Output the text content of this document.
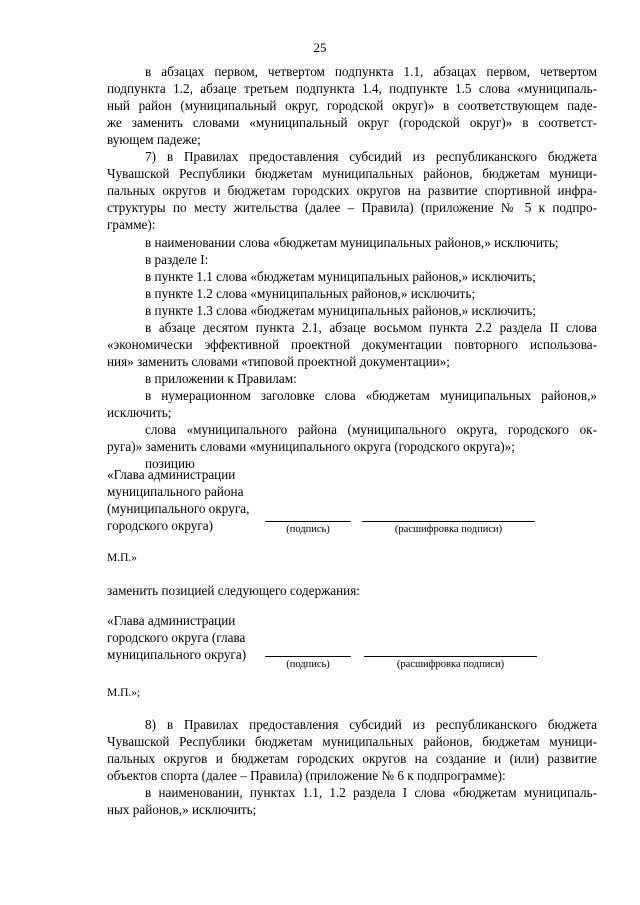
25
в абзацах первом, четвертом подпункта 1.1, абзацах первом, четвертом
подпункта 1.2, абзаце третьем подпункта 1.4, подпункте 1.5 слова «муниципаль-
ный район (муниципальный округ, городской округ)» в соответствующем паде-
же заменить словами «муниципальный округ (городской округ)» в соответст-
вующем падеже;
7) в Правилах предоставления субсидий из республиканского бюджета
Чувашской Республики бюджетам муниципальных районов, бюджетам муници-
пальных округов и бюджетам городских округов на развитие спортивной инфра-
структуры по месту жительства (далее – Правила) (приложение № 5 к подпро-
грамме):
в наименовании слова «бюджетам муниципальных районов,» исключить;
в разделе I:
в пункте 1.1 слова «бюджетам муниципальных районов,» исключить;
в пункте 1.2 слова «муниципальных районов,» исключить;
в пункте 1.3 слова «бюджетам муниципальных районов,» исключить;
в абзаце десятом пункта 2.1, абзаце восьмом пункта 2.2 раздела II слова
«экономически эффективной проектной документации повторного использова-
ния» заменить словами «типовой проектной документации»;
в приложении к Правилам:
в нумерационном заголовке слова «бюджетам муниципальных районов,»
исключить;
слова «муниципального района (муниципального округа, городского ок-
руга)» заменить словами «муниципального округа (городского округа)»;
позицию
«Глава администрации
муниципального района
(муниципального округа,
городского округа)	(подпись)	(расшифровка подписи)
М.П.»
заменить позицией следующего содержания:
«Глава администрации
городского округа (глава
муниципального округа)
(подпись)	(расшифровка подписи)
М.П.»;
8) в Правилах предоставления субсидий из республиканского бюджета
Чувашской Республики бюджетам муниципальных районов, бюджетам муници-
пальных округов и бюджетам городских округов на создание и (или) развитие
объектов спорта (далее – Правила) (приложение № 6 к подпрограмме):
в наименовании, пунктах 1.1, 1.2 раздела I слова «бюджетам муниципаль-
ных районов,» исключить;
